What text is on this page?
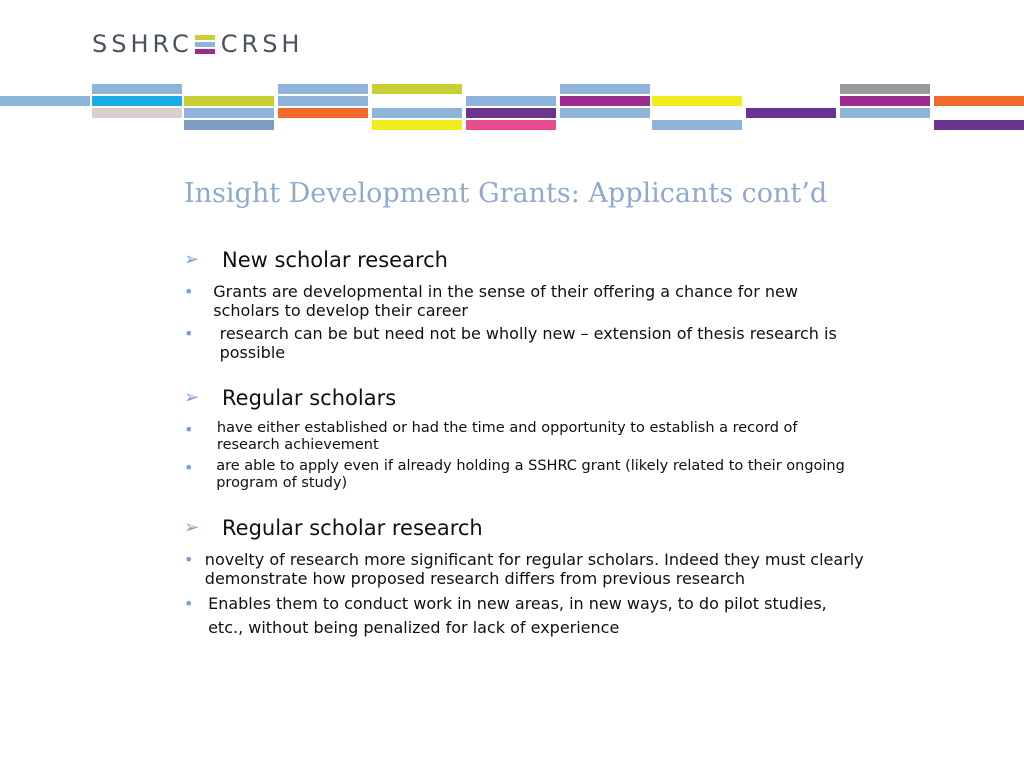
SSHRC CRSH
Insight Development Grants: Applicants cont’d
➢	New scholar research
•	Grants are developmental in the sense of their offering a chance for new scholars to develop their career
•	research can be but need not be wholly new – extension of thesis research is possible
➢	Regular scholars
•	have either established or had the time and opportunity to establish a record of research achievement
•	are able to apply even if already holding a SSHRC grant (likely related to their ongoing program of study)
➢	Regular scholar research
• novelty of research more significant for regular scholars. Indeed they must clearly demonstrate how proposed research differs from previous research
• Enables them to conduct work in new areas, in new ways, to do pilot studies, etc., without being penalized for lack of experience
